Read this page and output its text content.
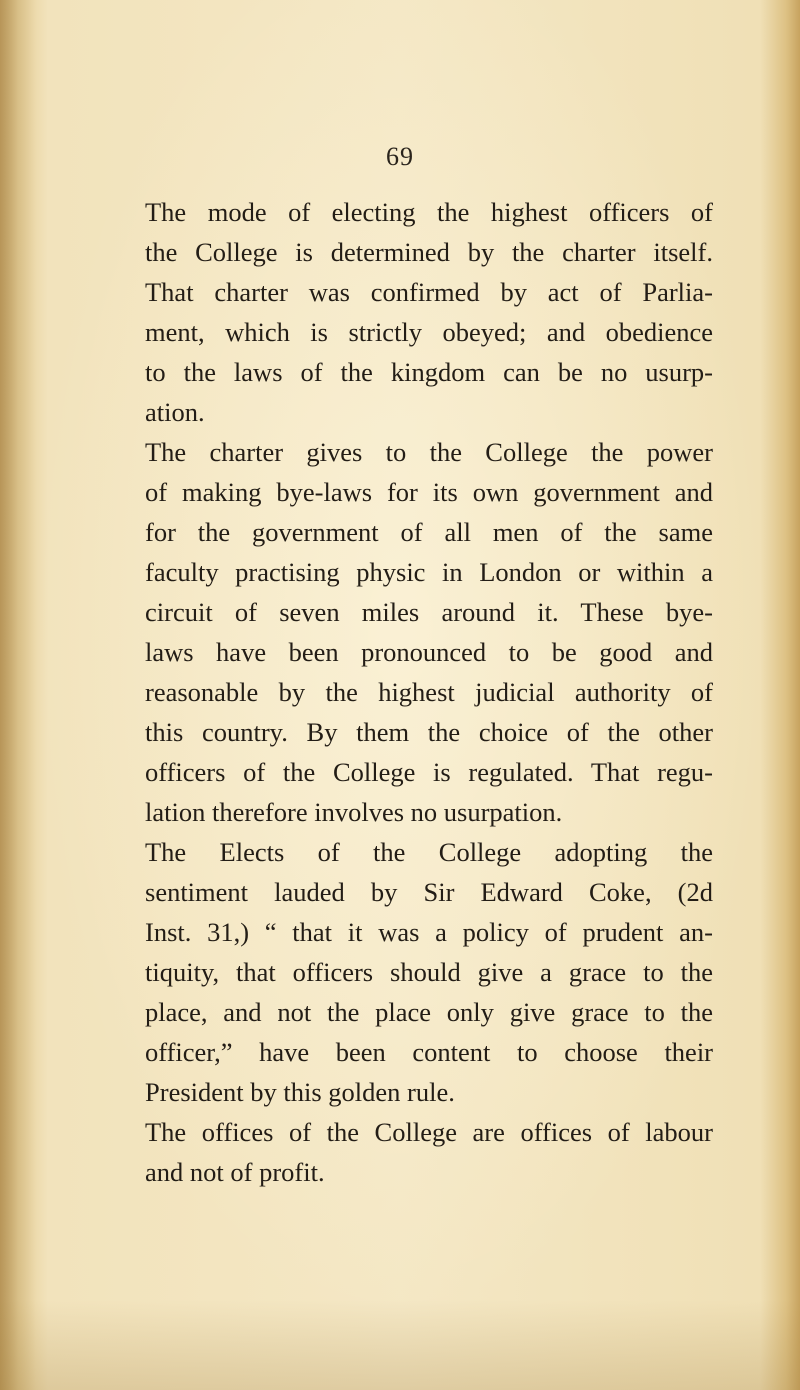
69
The mode of electing the highest officers of
the College is determined by the charter itself.
That charter was confirmed by act of Parlia-
ment, which is strictly obeyed; and obedience
to the laws of the kingdom can be no usurp-
ation.
The charter gives to the College the power
of making bye-laws for its own government and
for the government of all men of the same
faculty practising physic in London or within a
circuit of seven miles around it. These bye-
laws have been pronounced to be good and
reasonable by the highest judicial authority of
this country. By them the choice of the other
officers of the College is regulated. That regu-
lation therefore involves no usurpation.
The Elects of the College adopting the
sentiment lauded by Sir Edward Coke, (2d
Inst. 31,) “ that it was a policy of prudent an-
tiquity, that officers should give a grace to the
place, and not the place only give grace to the
officer,” have been content to choose their
President by this golden rule.
The offices of the College are offices of labour
and not of profit.
